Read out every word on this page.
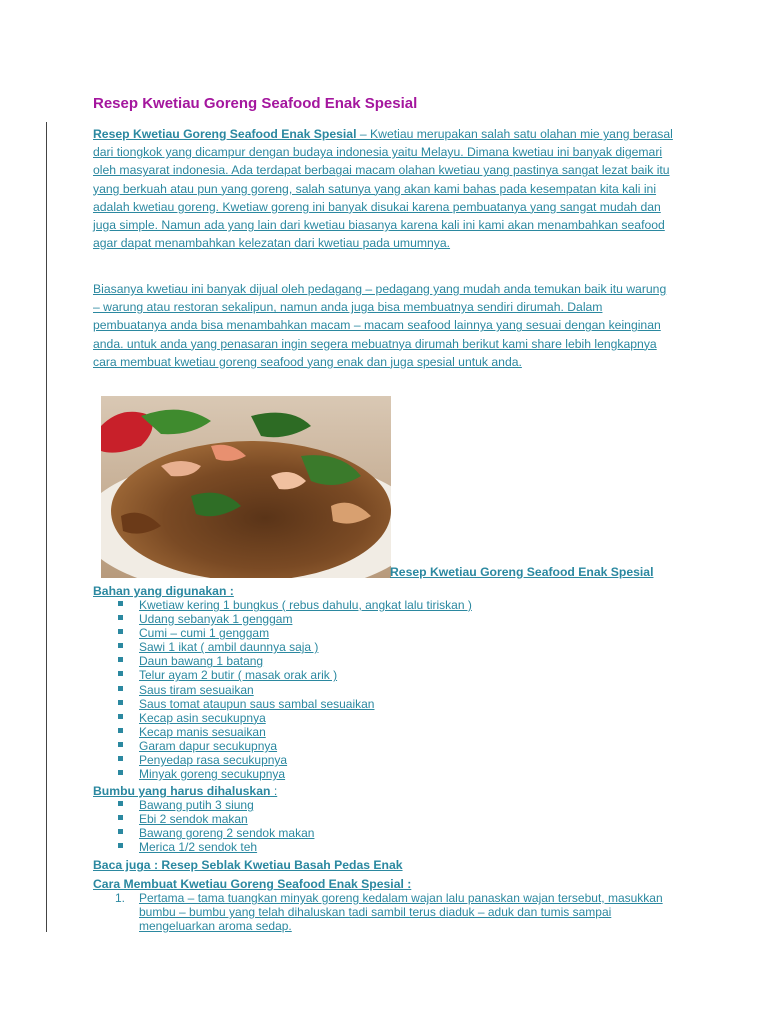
Resep Kwetiau Goreng Seafood Enak Spesial

Resep Kwetiau Goreng Seafood Enak Spesial – Kwetiau merupakan salah satu olahan mie yang berasal dari tiongkok yang dicampur dengan budaya indonesia yaitu Melayu. Dimana kwetiau ini banyak digemari oleh masyarat indonesia. Ada terdapat berbagai macam olahan kwetiau yang pastinya sangat lezat baik itu yang berkuah atau pun yang goreng, salah satunya yang akan kami bahas pada kesempatan kita kali ini adalah kwetiau goreng. Kwetiaw goreng ini banyak disukai karena pembuatanya yang sangat mudah dan juga simple. Namun ada yang lain dari kwetiau biasanya karena kali ini kami akan menambahkan seafood agar dapat menambahkan kelezatan dari kwetiau pada umumnya.

Biasanya kwetiau ini banyak dijual oleh pedagang – pedagang yang mudah anda temukan baik itu warung – warung atau restoran sekalipun, namun anda juga bisa membuatnya sendiri dirumah. Dalam pembuatanya anda bisa menambahkan macam – macam seafood lainnya yang sesuai dengan keinginan anda. untuk anda yang penasaran ingin segera mebuatnya dirumah berikut kami share lebih lengkapnya cara membuat kwetiau goreng seafood yang enak dan juga spesial untuk anda.

Resep Kwetiau Goreng Seafood Enak Spesial
Bahan yang digunakan :
Kwetiaw kering 1 bungkus ( rebus dahulu, angkat lalu tiriskan )
Udang sebanyak 1 genggam
Cumi – cumi 1 genggam
Sawi 1 ikat ( ambil daunnya saja )
Daun bawang 1 batang
Telur ayam 2 butir ( masak orak arik )
Saus tiram sesuaikan
Saus tomat ataupun saus sambal sesuaikan
Kecap asin secukupnya
Kecap manis sesuaikan
Garam dapur secukupnya
Penyedap rasa secukupnya
Minyak goreng secukupnya
Bumbu yang harus dihaluskan :
Bawang putih 3 siung
Ebi 2 sendok makan
Bawang goreng 2 sendok makan
Merica 1/2 sendok teh
Baca juga : Resep Seblak Kwetiau Basah Pedas Enak
Cara Membuat Kwetiau Goreng Seafood Enak Spesial :
1. Pertama – tama tuangkan minyak goreng kedalam wajan lalu panaskan wajan tersebut, masukkan bumbu – bumbu yang telah dihaluskan tadi sambil terus diaduk – aduk dan tumis sampai mengeluarkan aroma sedap.
